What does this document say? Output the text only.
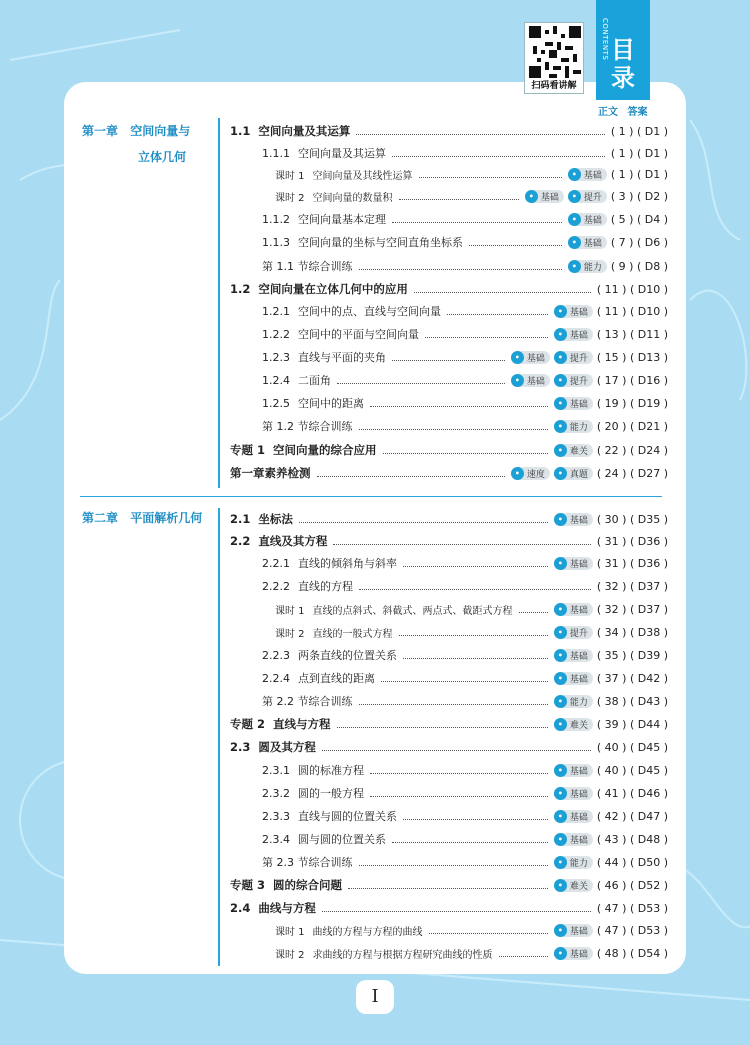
扫码看讲解
CONTENTS 目录
正文 答案
第一章 空间向量与
立体几何
第二章 平面解析几何
1.1 空间向量及其运算	( 1 ) ( D1 )
1.1.1 空间向量及其运算	( 1 ) ( D1 )
课时 1 空间向量及其线性运算	• 基础 ( 1 ) ( D1 )
课时 2 空间向量的数量积	• 基础	• 提升 ( 3 ) ( D2 )
1.1.2 空间向量基本定理	• 基础 ( 5 ) ( D4 )
1.1.3 空间向量的坐标与空间直角坐标系	• 基础 ( 7 ) ( D6 )
第 1.1 节综合训练	• 能力 ( 9 ) ( D8 )
1.2 空间向量在立体几何中的应用	( 11 ) ( D10 )
1.2.1 空间中的点、直线与空间向量	• 基础 ( 11 ) ( D10 )
1.2.2 空间中的平面与空间向量	• 基础 ( 13 ) ( D11 )
1.2.3 直线与平面的夹角	• 基础	• 提升 ( 15 ) ( D13 )
1.2.4 二面角	• 基础	• 提升 ( 17 ) ( D16 )
1.2.5 空间中的距离	• 基础 ( 19 ) ( D19 )
第 1.2 节综合训练	• 能力 ( 20 ) ( D21 )
专题 1 空间向量的综合应用	• 难关 ( 22 ) ( D24 )
第一章素养检测	• 速度	• 真题 ( 24 ) ( D27 )
2.1 坐标法	• 基础 ( 30 ) ( D35 )
2.2 直线及其方程	( 31 ) ( D36 )
2.2.1 直线的倾斜角与斜率	• 基础 ( 31 ) ( D36 )
2.2.2 直线的方程	( 32 ) ( D37 )
课时 1 直线的点斜式、斜截式、两点式、截距式方程	• 基础 ( 32 ) ( D37 )
课时 2 直线的一般式方程	• 提升 ( 34 ) ( D38 )
2.2.3 两条直线的位置关系	• 基础 ( 35 ) ( D39 )
2.2.4 点到直线的距离	• 基础 ( 37 ) ( D42 )
第 2.2 节综合训练	• 能力 ( 38 ) ( D43 )
专题 2 直线与方程	• 难关 ( 39 ) ( D44 )
2.3 圆及其方程	( 40 ) ( D45 )
2.3.1 圆的标准方程	• 基础 ( 40 ) ( D45 )
2.3.2 圆的一般方程	• 基础 ( 41 ) ( D46 )
2.3.3 直线与圆的位置关系	• 基础 ( 42 ) ( D47 )
2.3.4 圆与圆的位置关系	• 基础 ( 43 ) ( D48 )
第 2.3 节综合训练	• 能力 ( 44 ) ( D50 )
专题 3 圆的综合问题	• 难关 ( 46 ) ( D52 )
2.4 曲线与方程	( 47 ) ( D53 )
课时 1 曲线的方程与方程的曲线	• 基础 ( 47 ) ( D53 )
课时 2 求曲线的方程与根据方程研究曲线的性质	• 基础 ( 48 ) ( D54 )
I
